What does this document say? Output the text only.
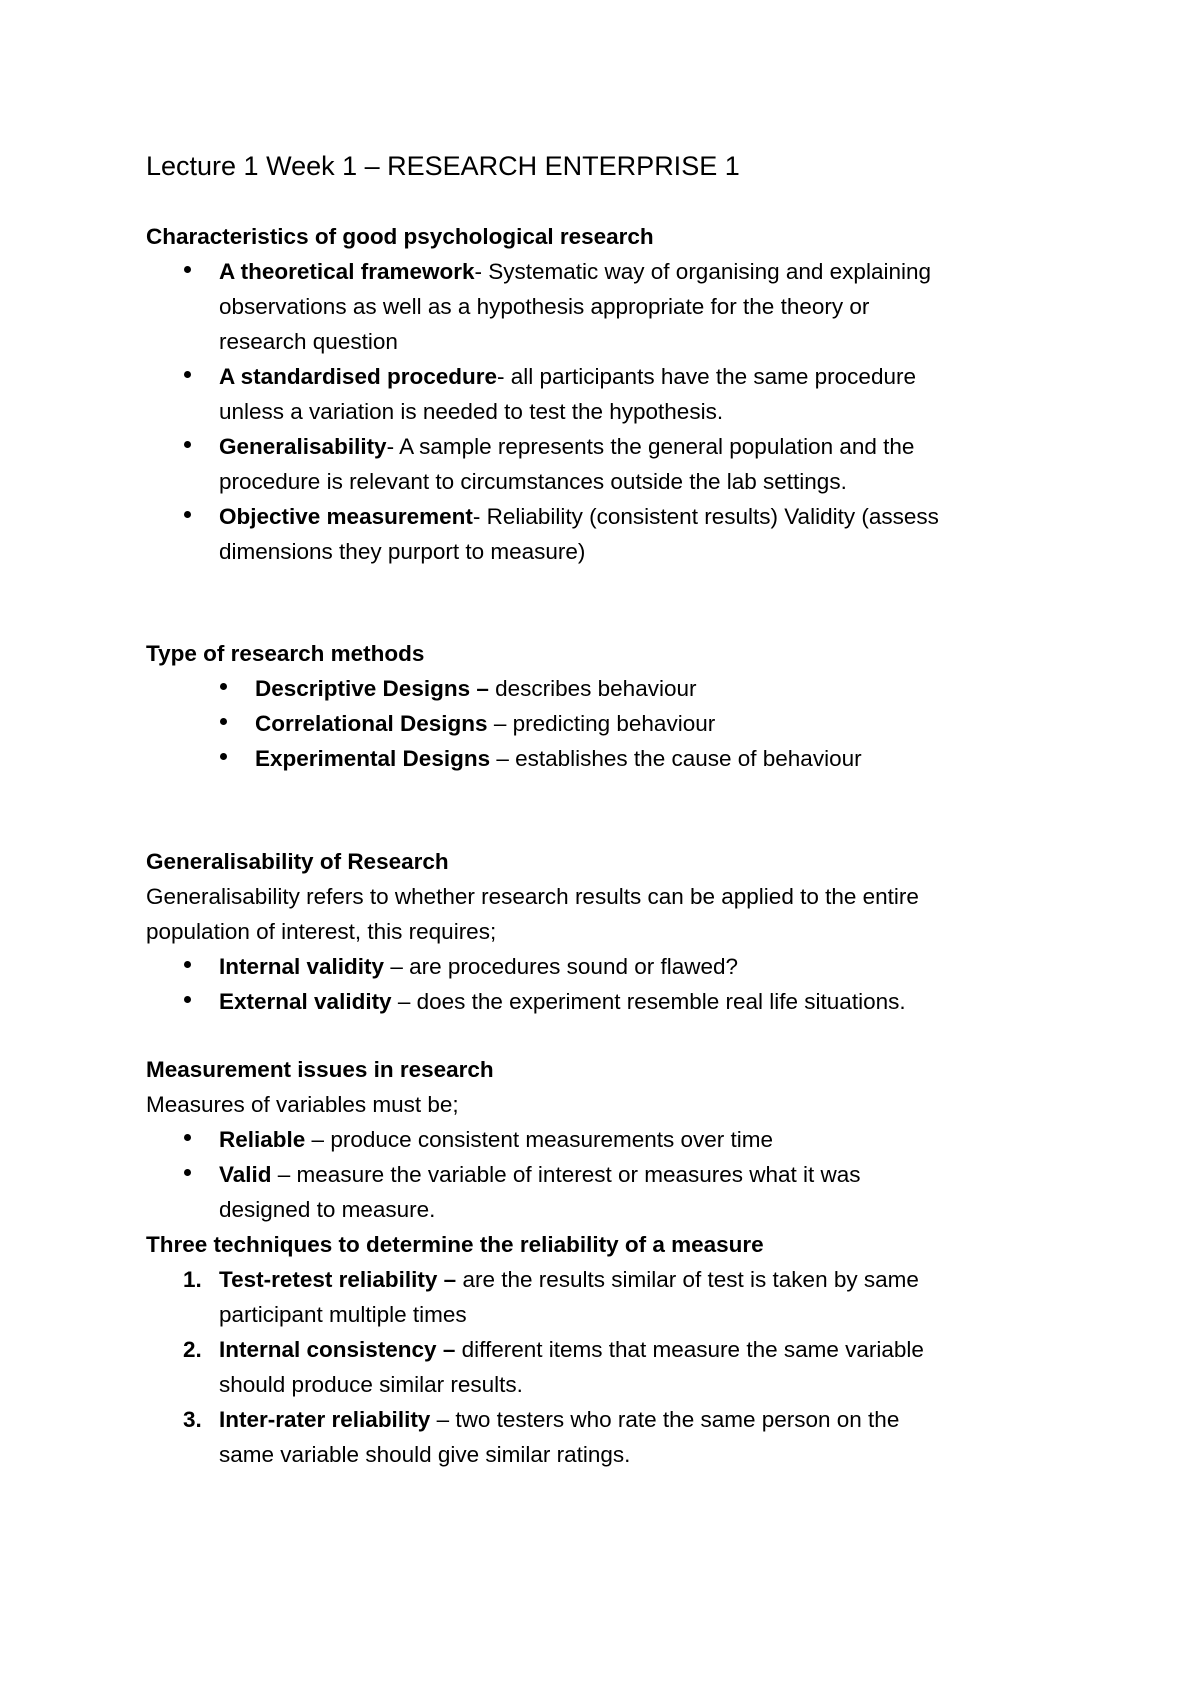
Lecture 1 Week 1 – RESEARCH ENTERPRISE 1
Characteristics of good psychological research
A theoretical framework- Systematic way of organising and explaining
observations as well as a hypothesis appropriate for the theory or
research question
A standardised procedure- all participants have the same procedure
unless a variation is needed to test the hypothesis.
Generalisability- A sample represents the general population and the
procedure is relevant to circumstances outside the lab settings.
Objective measurement- Reliability (consistent results) Validity (assess
dimensions they purport to measure)
Type of research methods
Descriptive Designs – describes behaviour
Correlational Designs – predicting behaviour
Experimental Designs – establishes the cause of behaviour
Generalisability of Research
Generalisability refers to whether research results can be applied to the entire
population of interest, this requires;
Internal validity – are procedures sound or flawed?
External validity – does the experiment resemble real life situations.
Measurement issues in research
Measures of variables must be;
Reliable – produce consistent measurements over time
Valid – measure the variable of interest or measures what it was
designed to measure.
Three techniques to determine the reliability of a measure
1. Test-retest reliability – are the results similar of test is taken by same
participant multiple times
2. Internal consistency – different items that measure the same variable
should produce similar results.
3. Inter-rater reliability – two testers who rate the same person on the
same variable should give similar ratings.
